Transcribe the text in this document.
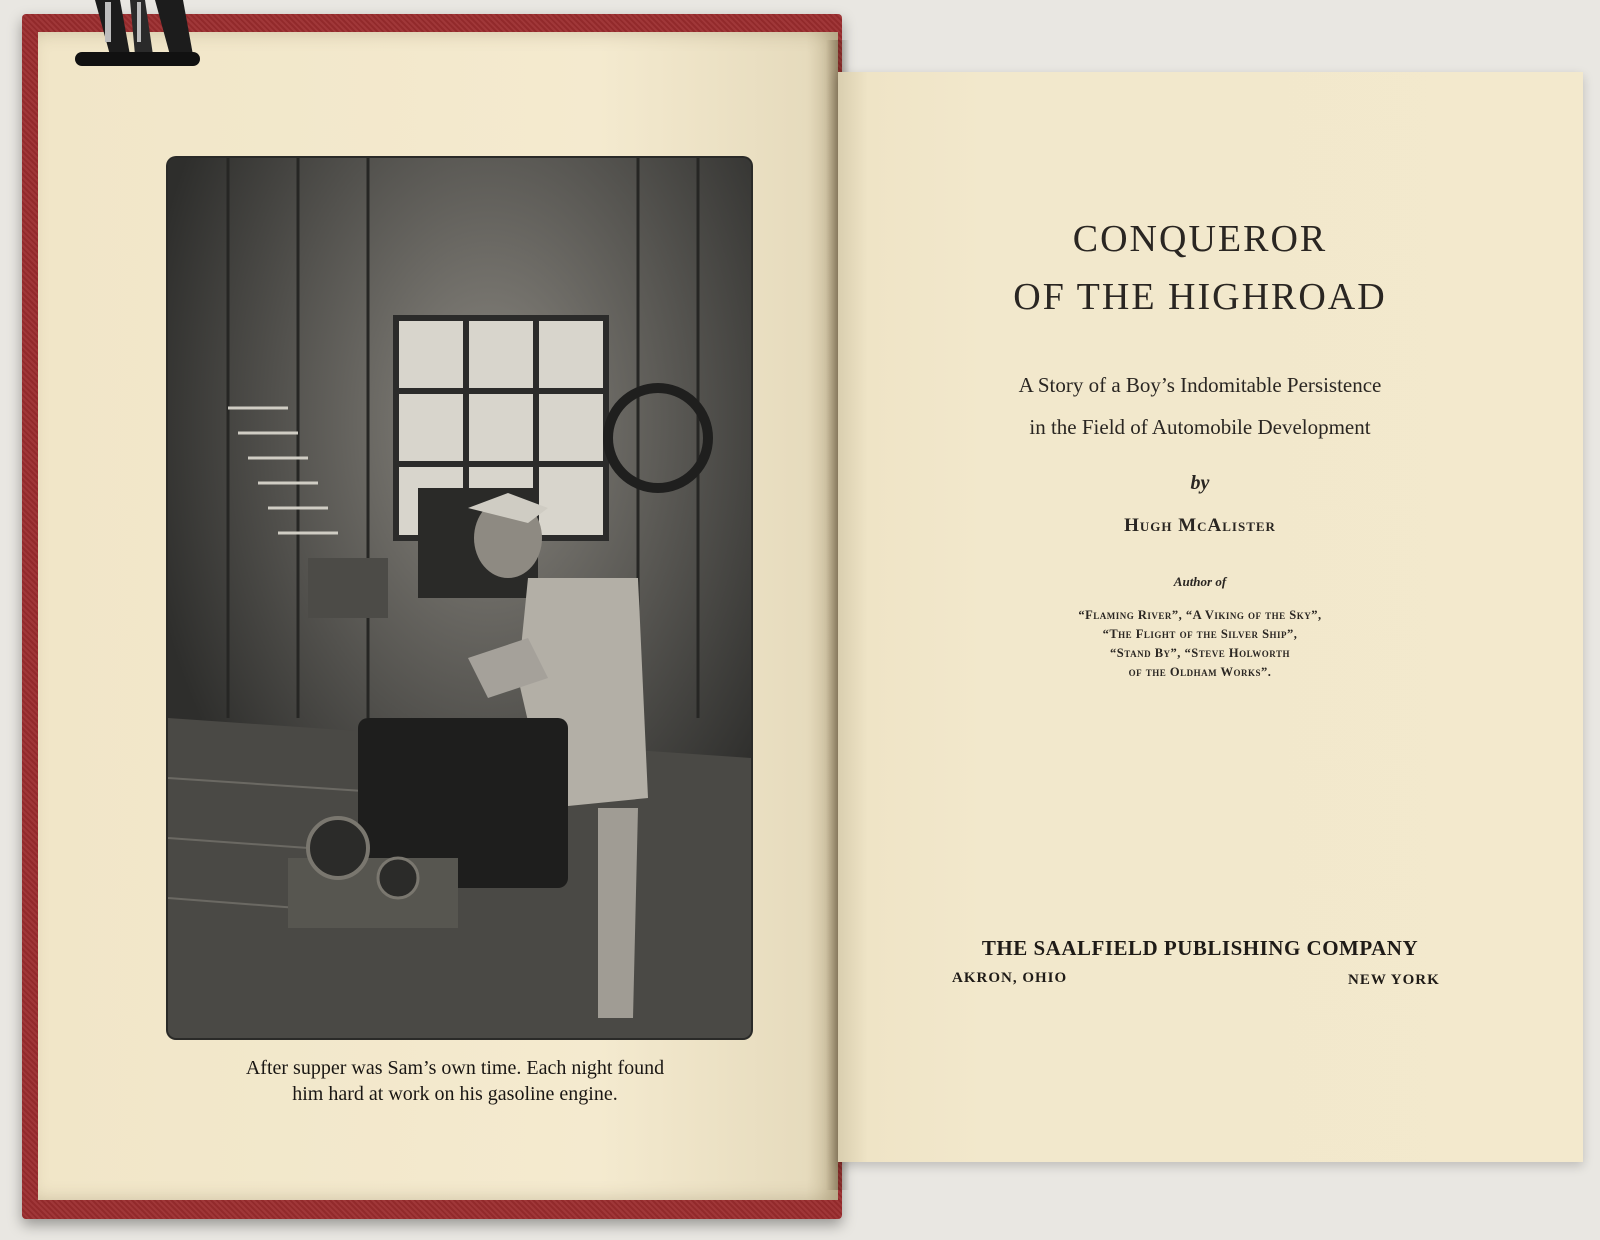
After supper was Sam’s own time. Each night found
him hard at work on his gasoline engine.
CONQUEROR
OF THE HIGHROAD
A Story of a Boy’s Indomitable Persistence
in the Field of Automobile Development
by
Hugh McAlister
Author of
“Flaming River”, “A Viking of the Sky”,
“The Flight of the Silver Ship”,
“Stand By”, “Steve Holworth
of the Oldham Works”.
THE SAALFIELD PUBLISHING COMPANY
AKRON, OHIO	NEW YORK
